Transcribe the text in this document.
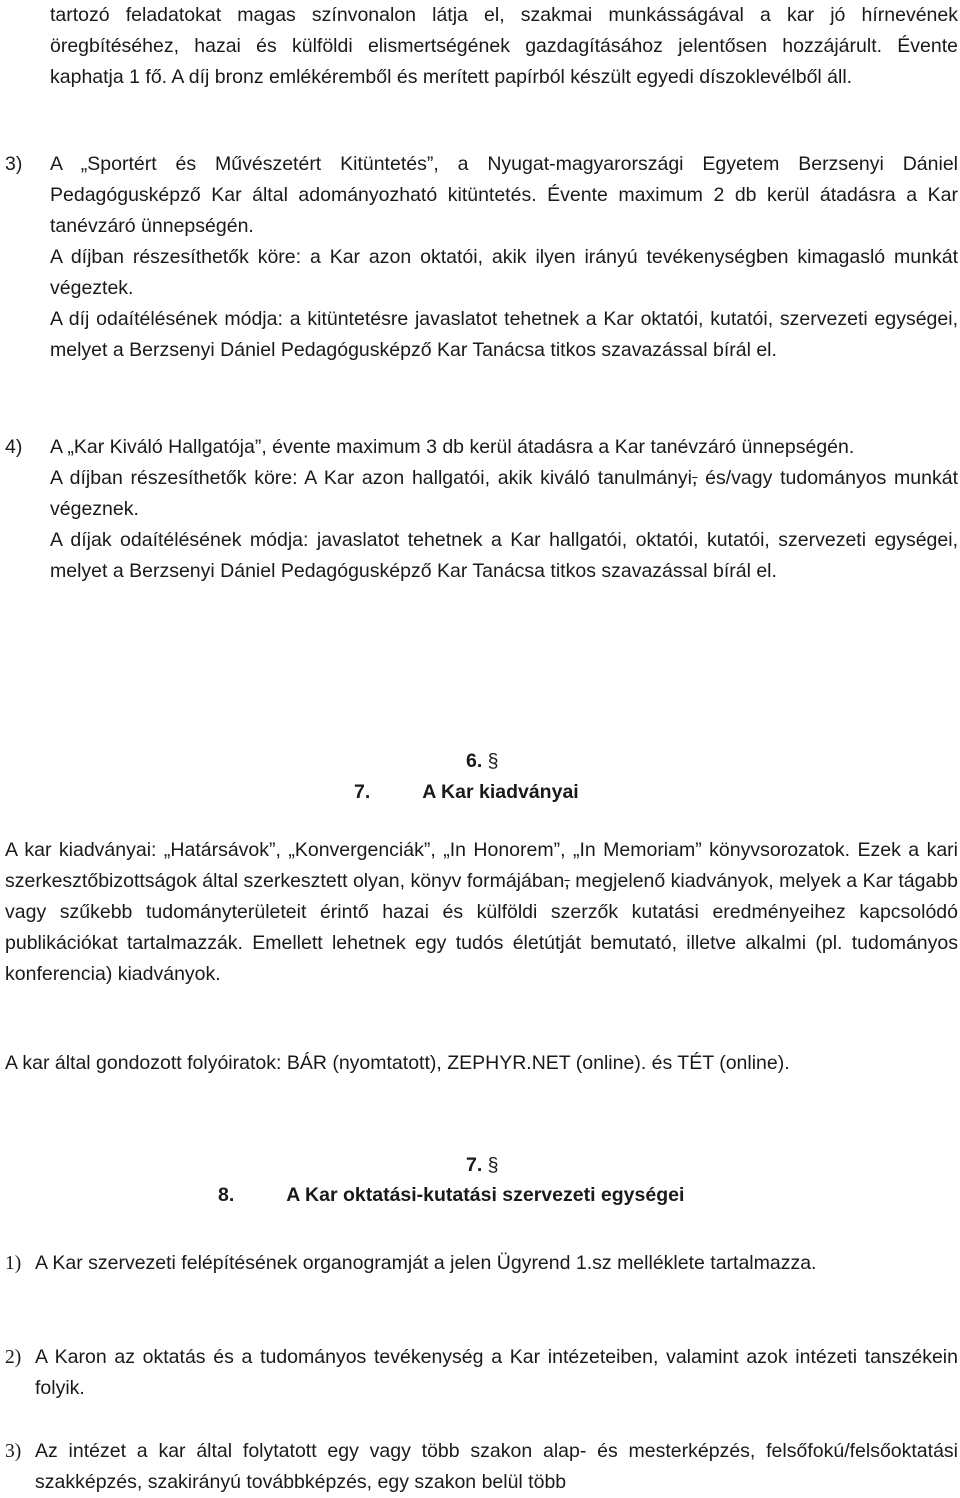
tartozó feladatokat magas színvonalon látja el, szakmai munkásságával a kar jó hírnevének öregbítéséhez, hazai és külföldi elismertségének gazdagításához jelentősen hozzájárult. Évente kaphatja 1 fő. A díj bronz emlékéremből és merített papírból készült egyedi díszoklevélből áll.

3)	A „Sportért és Művészetért Kitüntetés”, a Nyugat-magyarországi Egyetem Berzsenyi Dániel Pedagógusképző Kar által adományozható kitüntetés. Évente maximum 2 db kerül átadásra a Kar tanévzáró ünnepségén.

A díjban részesíthetők köre: a Kar azon oktatói, akik ilyen irányú tevékenységben kimagasló munkát végeztek.

A díj odaítélésének módja: a kitüntetésre javaslatot tehetnek a Kar oktatói, kutatói, szervezeti egységei, melyet a Berzsenyi Dániel Pedagógusképző Kar Tanácsa titkos szavazással bírál el.

4)	A „Kar Kiváló Hallgatója”, évente maximum 3 db kerül átadásra a Kar tanévzáró ünnepségén.

A díjban részesíthetők köre: A Kar azon hallgatói, akik kiváló tanulmányi, és/vagy tudományos munkát végeznek.

A díjak odaítélésének módja: javaslatot tehetnek a Kar hallgatói, oktatói, kutatói, szervezeti egységei, melyet a Berzsenyi Dániel Pedagógusképző Kar Tanácsa titkos szavazással bírál el.

6. §
7.	A Kar kiadványai

A kar kiadványai: „Határsávok”, „Konvergenciák”, „In Honorem”, „In Memoriam” könyvsorozatok. Ezek a kari szerkesztőbizottságok által szerkesztett olyan, könyv formájában, megjelenő kiadványok, melyek a Kar tágabb vagy szűkebb tudományterületeit érintő hazai és külföldi szerzők kutatási eredményeihez kapcsolódó publikációkat tartalmazzák. Emellett lehetnek egy tudós életútját bemutató, illetve alkalmi (pl. tudományos konferencia) kiadványok.

A kar által gondozott folyóiratok: BÁR (nyomtatott), ZEPHYR.NET (online). és TÉT (online).

7. §
8.	A Kar oktatási-kutatási szervezeti egységei
1) A Kar szervezeti felépítésének organogramját a jelen Ügyrend 1.sz melléklete tartalmazza.

2) A Karon az oktatás és a tudományos tevékenység a Kar intézeteiben, valamint azok intézeti tanszékein folyik.

3) Az intézet a kar által folytatott egy vagy több szakon alap- és mesterképzés, felsőfokú/felsőoktatási szakképzés, szakirányú továbbképzés, egy szakon belül több
